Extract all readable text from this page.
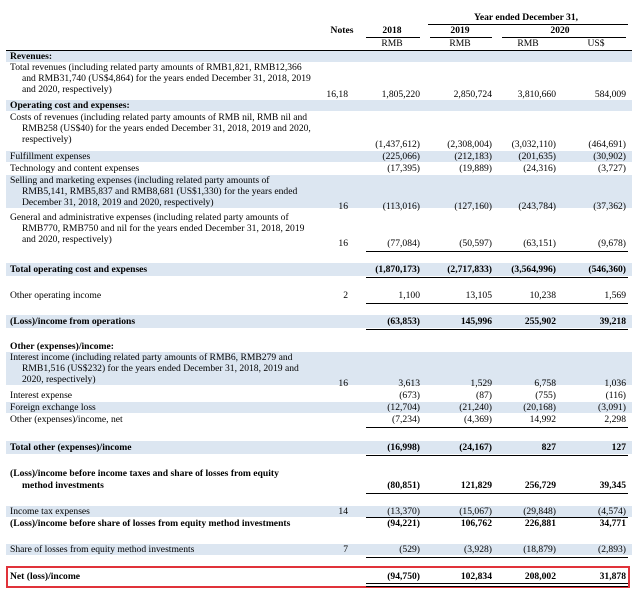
Year ended December 31,
Notes	2018	2019	2020
RMB	RMB	RMB	US$
Revenues:
Total revenues (including related party amounts of RMB1,821, RMB12,366
and RMB31,740 (US$4,864) for the years ended December 31, 2018, 2019
and 2020, respectively)	16,18	1,805,220	2,850,724	3,810,660	584,009
Operating cost and expenses:
Costs of revenues (including related party amounts of RMB nil, RMB nil and
RMB258 (US$40) for the years ended December 31, 2018, 2019 and 2020,
respectively)	(1,437,612)	(2,308,004)	(3,032,110)	(464,691)
Fulfillment expenses	(225,066)	(212,183)	(201,635)	(30,902)
Technology and content expenses	(17,395)	(19,889)	(24,316)	(3,727)
Selling and marketing expenses (including related party amounts of
RMB5,141, RMB5,837 and RMB8,681 (US$1,330) for the years ended
December 31, 2018, 2019 and 2020, respectively)	16	(113,016)	(127,160)	(243,784)	(37,362)
General and administrative expenses (including related party amounts of
RMB770, RMB750 and nil for the years ended December 31, 2018, 2019
and 2020, respectively)	16	(77,084)	(50,597)	(63,151)	(9,678)
Total operating cost and expenses	(1,870,173)	(2,717,833)	(3,564,996)	(546,360)
Other operating income	2	1,100	13,105	10,238	1,569
(Loss)/income from operations	(63,853)	145,996	255,902	39,218
Other (expenses)/income:
Interest income (including related party amounts of RMB6, RMB279 and
RMB1,516 (US$232) for the years ended December 31, 2018, 2019 and
2020, respectively)	16	3,613	1,529	6,758	1,036
Interest expense	(673)	(87)	(755)	(116)
Foreign exchange loss	(12,704)	(21,240)	(20,168)	(3,091)
Other (expenses)/income, net	(7,234)	(4,369)	14,992	2,298
Total other (expenses)/income	(16,998)	(24,167)	827	127
(Loss)/income before income taxes and share of losses from equity
method investments	(80,851)	121,829	256,729	39,345
Income tax expenses	14	(13,370)	(15,067)	(29,848)	(4,574)
(Loss)/income before share of losses from equity method investments	(94,221)	106,762	226,881	34,771
Share of losses from equity method investments	7	(529)	(3,928)	(18,879)	(2,893)
Net (loss)/income	(94,750)	102,834	208,002	31,878
